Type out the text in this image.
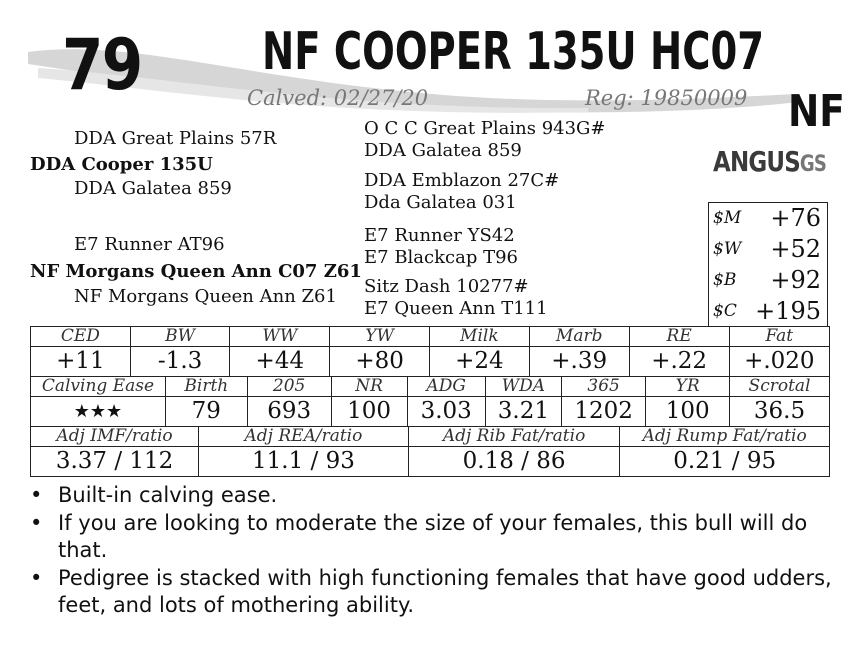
79 NF COOPER 135U HC07
Calved: 02/27/20	Reg: 19850009 NF
ANGUSGS
DDA Great Plains 57R
DDA Cooper 135U
DDA Galatea 859
E7 Runner AT96
NF Morgans Queen Ann C07 Z61
NF Morgans Queen Ann Z61
O C C Great Plains 943G#
DDA Galatea 859
DDA Emblazon 27C#
Dda Galatea 031
E7 Runner YS42
E7 Blackcap T96
Sitz Dash 10277#
E7 Queen Ann T111
$M	+76
$W	+52
$B	+92
$C	+195
CED	BW	WW	YW	Milk	Marb	RE	Fat
+11	-1.3	+44	+80	+24	+.39	+.22	+.020
Calving Ease	Birth	205	NR	ADG	WDA	365	YR	Scrotal
★★★	79	693	100	3.03	3.21	1202	100	36.5
Adj IMF/ratio	Adj REA/ratio	Adj Rib Fat/ratio	Adj Rump Fat/ratio
3.37 / 112	11.1 / 93	0.18 / 86	0.21 / 95
• Built-in calving ease.
• If you are looking to moderate the size of your females, this bull will do that.
• Pedigree is stacked with high functioning females that have good udders, feet, and lots of mothering ability.
